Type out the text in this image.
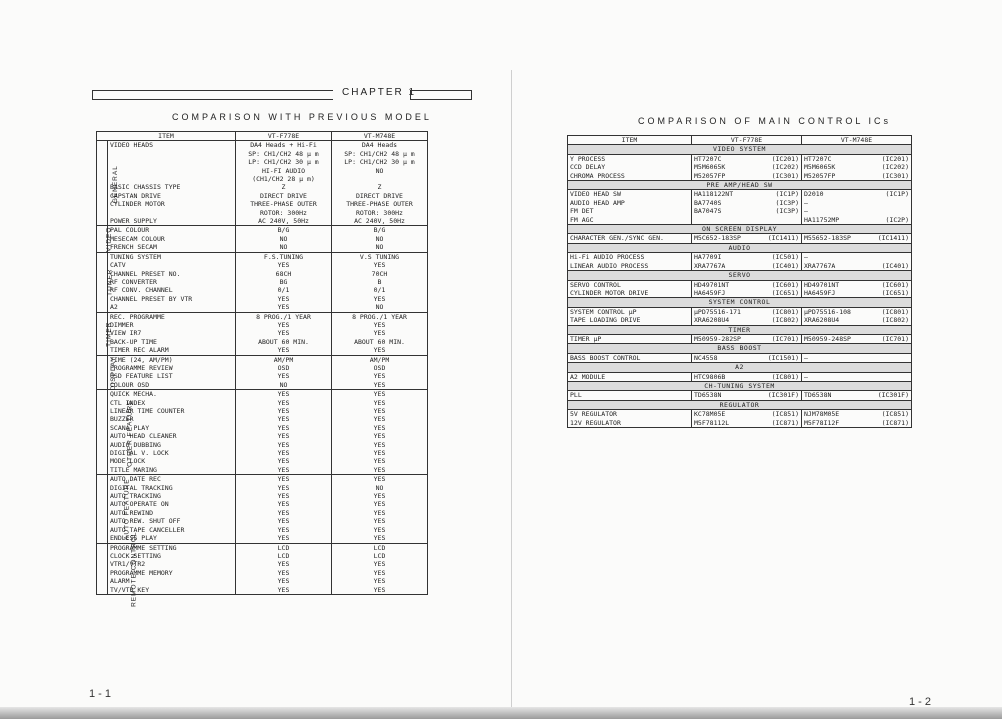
CHAPTER 1
COMPARISON WITH PREVIOUS MODEL
ITEM		VT-F778E	VT-M748E
GENERAL	VIDEO HEADS	DA4 Heads + Hi-Fi	DA4 Heads
		SP: CH1/CH2 48 μ m	SP: CH1/CH2 48 μ m
		LP: CH1/CH2 30 μ m	LP: CH1/CH2 30 μ m
		HI-FI AUDIO	NO
		(CH1/CH2 28 μ m)	
	BASIC CHASSIS TYPE	Z	Z
	CAPSTAN DRIVE	DIRECT DRIVE	DIRECT DRIVE
	CYLINDER MOTOR	THREE-PHASE OUTER	THREE-PHASE OUTER
		ROTOR: 300Hz	ROTOR: 300Hz
	POWER SUPPLY	AC 240V, 50Hz	AC 240V, 50Hz
VIDEO	PAL COLOUR	B/G	B/G
	MESECAM COLOUR	NO	NO
	FRENCH SECAM	NO	NO
TUNER	TUNING SYSTEM	F.S.TUNING	V.S TUNING
	CATV	YES	YES
	CHANNEL PRESET NO.	68CH	70CH
	RF CONVERTER	BG	B
	RF CONV. CHANNEL	0/1	0/1
	CHANNEL PRESET BY VTR	YES	YES
	A2	YES	NO
TIMER	REC. PROGRAMME	8 PROG./1 YEAR	8 PROG./1 YEAR
	DIMMER	YES	YES
	VIEW IR7	YES	YES
	BACK-UP TIME	ABOUT 60 MIN.	ABOUT 60 MIN.
	TIMER REC ALARM	YES	YES
DISPLAY	TIME (24, AM/PM)	AM/PM	AM/PM
	PROGRAMME REVIEW	OSD	OSD
	OSD FEATURE LIST	YES	YES
	COLOUR OSD	NO	YES
OTHER FEATURE	QUICK MECHA.	YES	YES
	CTL INDEX	YES	YES
	LINEAR TIME COUNTER	YES	YES
	BUZZER	YES	YES
	SCANA PLAY	YES	YES
	AUTO HEAD CLEANER	YES	YES
	AUDIO DUBBING	YES	YES
	DIGITAL V. LOCK	YES	YES
	MODE LOCK	YES	YES
	TITLE MARING	YES	YES
AUTO FEATURE	AUTO DATE REC	YES	YES
	DIGITAL TRACKING	YES	NO
	AUTO TRACKING	YES	YES
	AUTO OPERATE ON	YES	YES
	AUTO REWIND	YES	YES
	AUTO REW. SHUT OFF	YES	YES
	AUTO TAPE CANCELLER	YES	YES
	ENDLESS PLAY	YES	YES
REMOTE CONTROL	PROGRAMME SETTING	LCD	LCD
	CLOCK SETTING	LCD	LCD
	VTR1/VTR2	YES	YES
	PROGRAMME MEMORY	YES	YES
	ALARM	YES	YES
	TV/VTR KEY	YES	YES
1 - 1
COMPARISON OF MAIN CONTROL ICs
ITEM	VT-F778E	VT-M748E
VIDEO SYSTEM		
Y PROCESS	HT7207C (IC201)	HT7207C (IC201)

CCD DELAY	M5M6065K (IC202)	M5M6065K (IC202)

CHROMA PROCESS	M52057FP (IC301)	M52057FP (IC301)

PRE AMP/HEAD SW		
VIDEO HEAD SW	HA118122NT (IC1P)	D2010 (IC1P)

AUDIO HEAD AMP	BA7740S (IC3P)	—

FM DET	BA7047S (IC3P)	—

FM AGC		HA11752MP (IC2P)

ON SCREEN DISPLAY		
CHARACTER GEN./SYNC GEN.	M5C652-183SP (IC1411)	M55652-183SP (IC1411)

AUDIO		
Hi-Fi AUDIO PROCESS	HA7709I (IC501)	—

LINEAR AUDIO PROCESS	XRA7767A (IC401)	XRA7767A (IC401)

SERVO		
SERVO CONTROL	HD49701NT (IC601)	HD49701NT (IC601)

CYLINDER MOTOR DRIVE	HA6459FJ (IC651)	HA6459FJ (IC651)

SYSTEM CONTROL		
SYSTEM CONTROL μP	μPD75516-171 (IC801)	μPD75516-108 (IC801)

TAPE LOADING DRIVE	XRA6208U4 (IC802)	XRA6208U4 (IC802)

TIMER		
TIMER μP	M50959-282SP (IC701)	M50959-248SP (IC701)

BASS BOOST		
BASS BOOST CONTROL	NC4558 (IC1501)	—

A2		
A2 MODULE	HTC9806B (IC801)	—

CH-TUNING SYSTEM		
PLL	TD6538N (IC301F)	TD6538N (IC301F)

REGULATOR		
5V REGULATOR	KC78M05E (IC851)	NJM78M05E (IC851)

12V REGULATOR	M5F78112L (IC871)	M5F78I12F (IC871)
1 - 2
